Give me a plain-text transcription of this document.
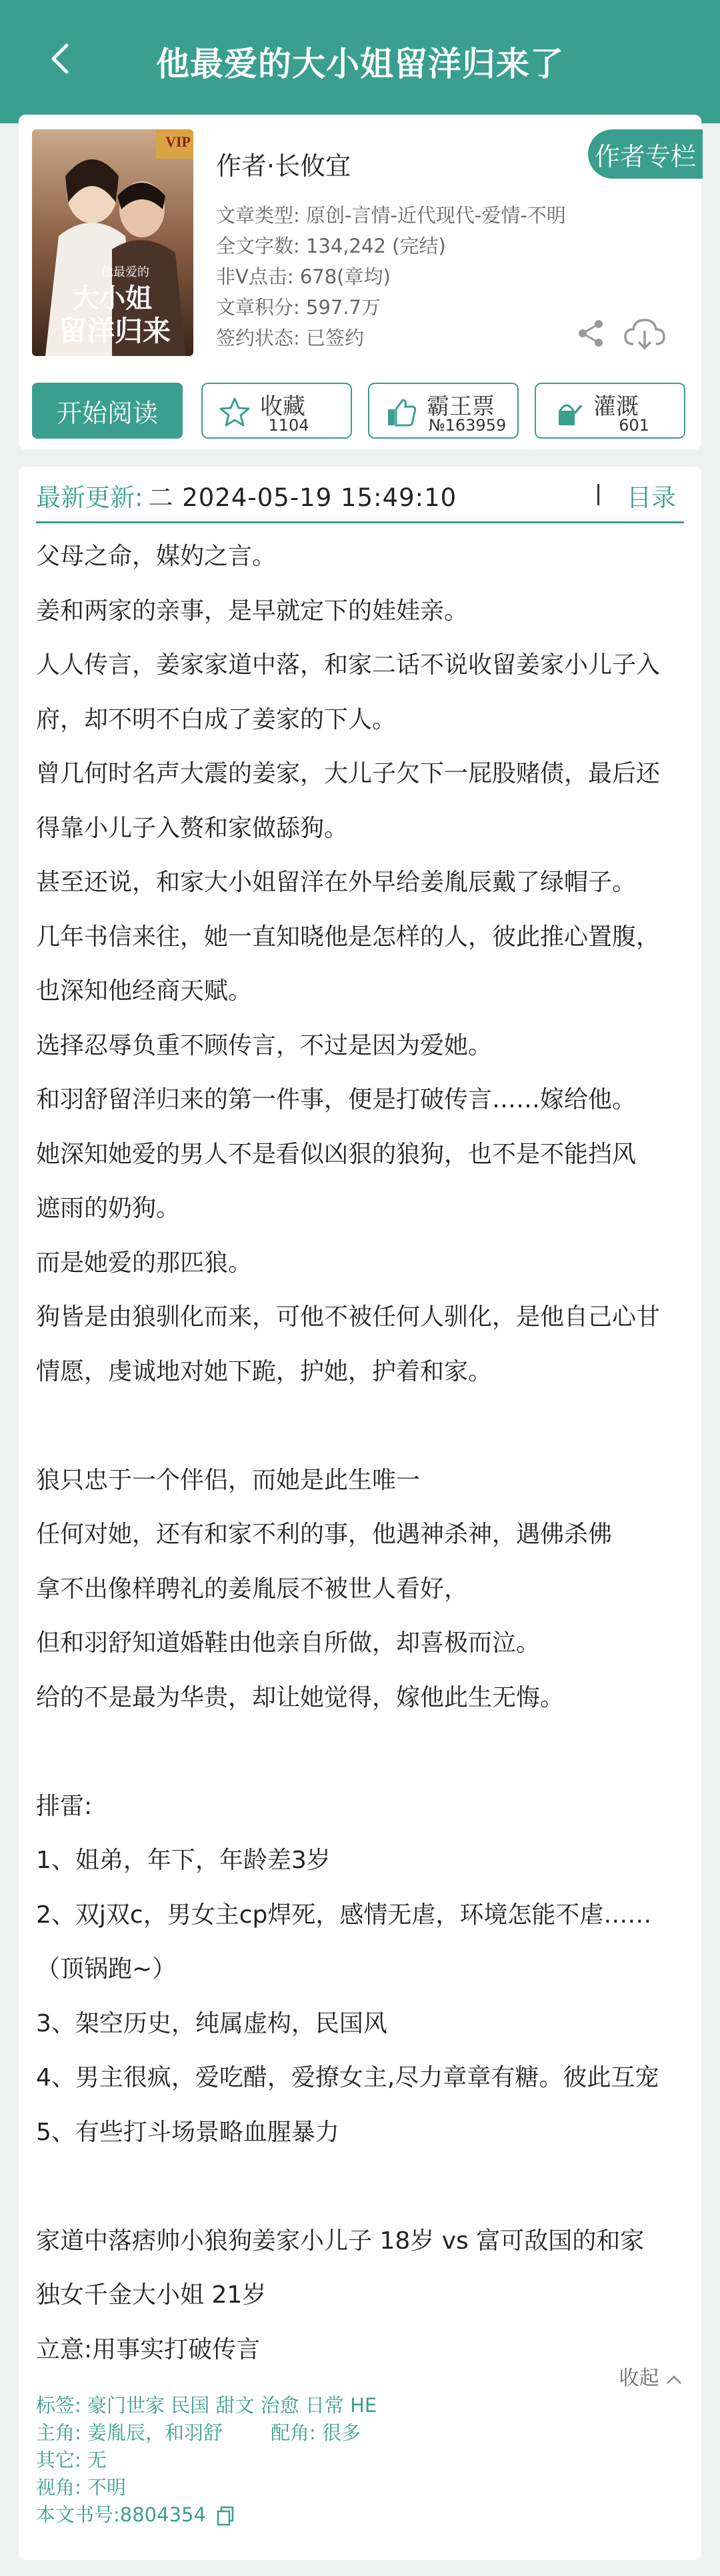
他最爱的大小姐留洋归来了
VIP
他最爱的
大小姐
留洋归来
作者·长攸宜	作者专栏
文章类型: 原创-言情-近代现代-爱情-不明
全文字数: 134,242 (完结)
非V点击: 678(章均)
文章积分: 597.7万
签约状态: 已签约
开始阅读	收藏
1104
霸王票
№163959
灌溉
601
最新更新: 二 2024-05-19 15:49:10	目录

父母之命，媒妁之言。

姜和两家的亲事，是早就定下的娃娃亲。

人人传言，姜家家道中落，和家二话不说收留姜家小儿子入

府，却不明不白成了姜家的下人。

曾几何时名声大震的姜家，大儿子欠下一屁股赌债，最后还

得靠小儿子入赘和家做舔狗。

甚至还说，和家大小姐留洋在外早给姜胤辰戴了绿帽子。

几年书信来往，她一直知晓他是怎样的人，彼此推心置腹，

也深知他经商天赋。

选择忍辱负重不顾传言，不过是因为爱她。

和羽舒留洋归来的第一件事，便是打破传言……嫁给他。

她深知她爱的男人不是看似凶狠的狼狗，也不是不能挡风

遮雨的奶狗。

而是她爱的那匹狼。

狗皆是由狼驯化而来，可他不被任何人驯化，是他自己心甘

情愿，虔诚地对她下跪，护她，护着和家。

狼只忠于一个伴侣，而她是此生唯一

任何对她，还有和家不利的事，他遇神杀神，遇佛杀佛

拿不出像样聘礼的姜胤辰不被世人看好，

但和羽舒知道婚鞋由他亲自所做，却喜极而泣。

给的不是最为华贵，却让她觉得，嫁他此生无悔。

排雷:

1、姐弟，年下，年龄差3岁

2、双j双c，男女主cp焊死，感情无虐，环境怎能不虐……

（顶锅跑~）

3、架空历史，纯属虚构，民国风

4、男主很疯，爱吃醋，爱撩女主,尽力章章有糖。彼此互宠

5、有些打斗场景略血腥暴力

家道中落痞帅小狼狗姜家小儿子 18岁 vs 富可敌国的和家

独女千金大小姐 21岁

立意:用事实打破传言

收起
标签: 豪门世家 民国 甜文 治愈 日常 HE
主角: 姜胤辰，和羽舒 配角: 很多
其它: 无
视角: 不明
本文书号:8804354
